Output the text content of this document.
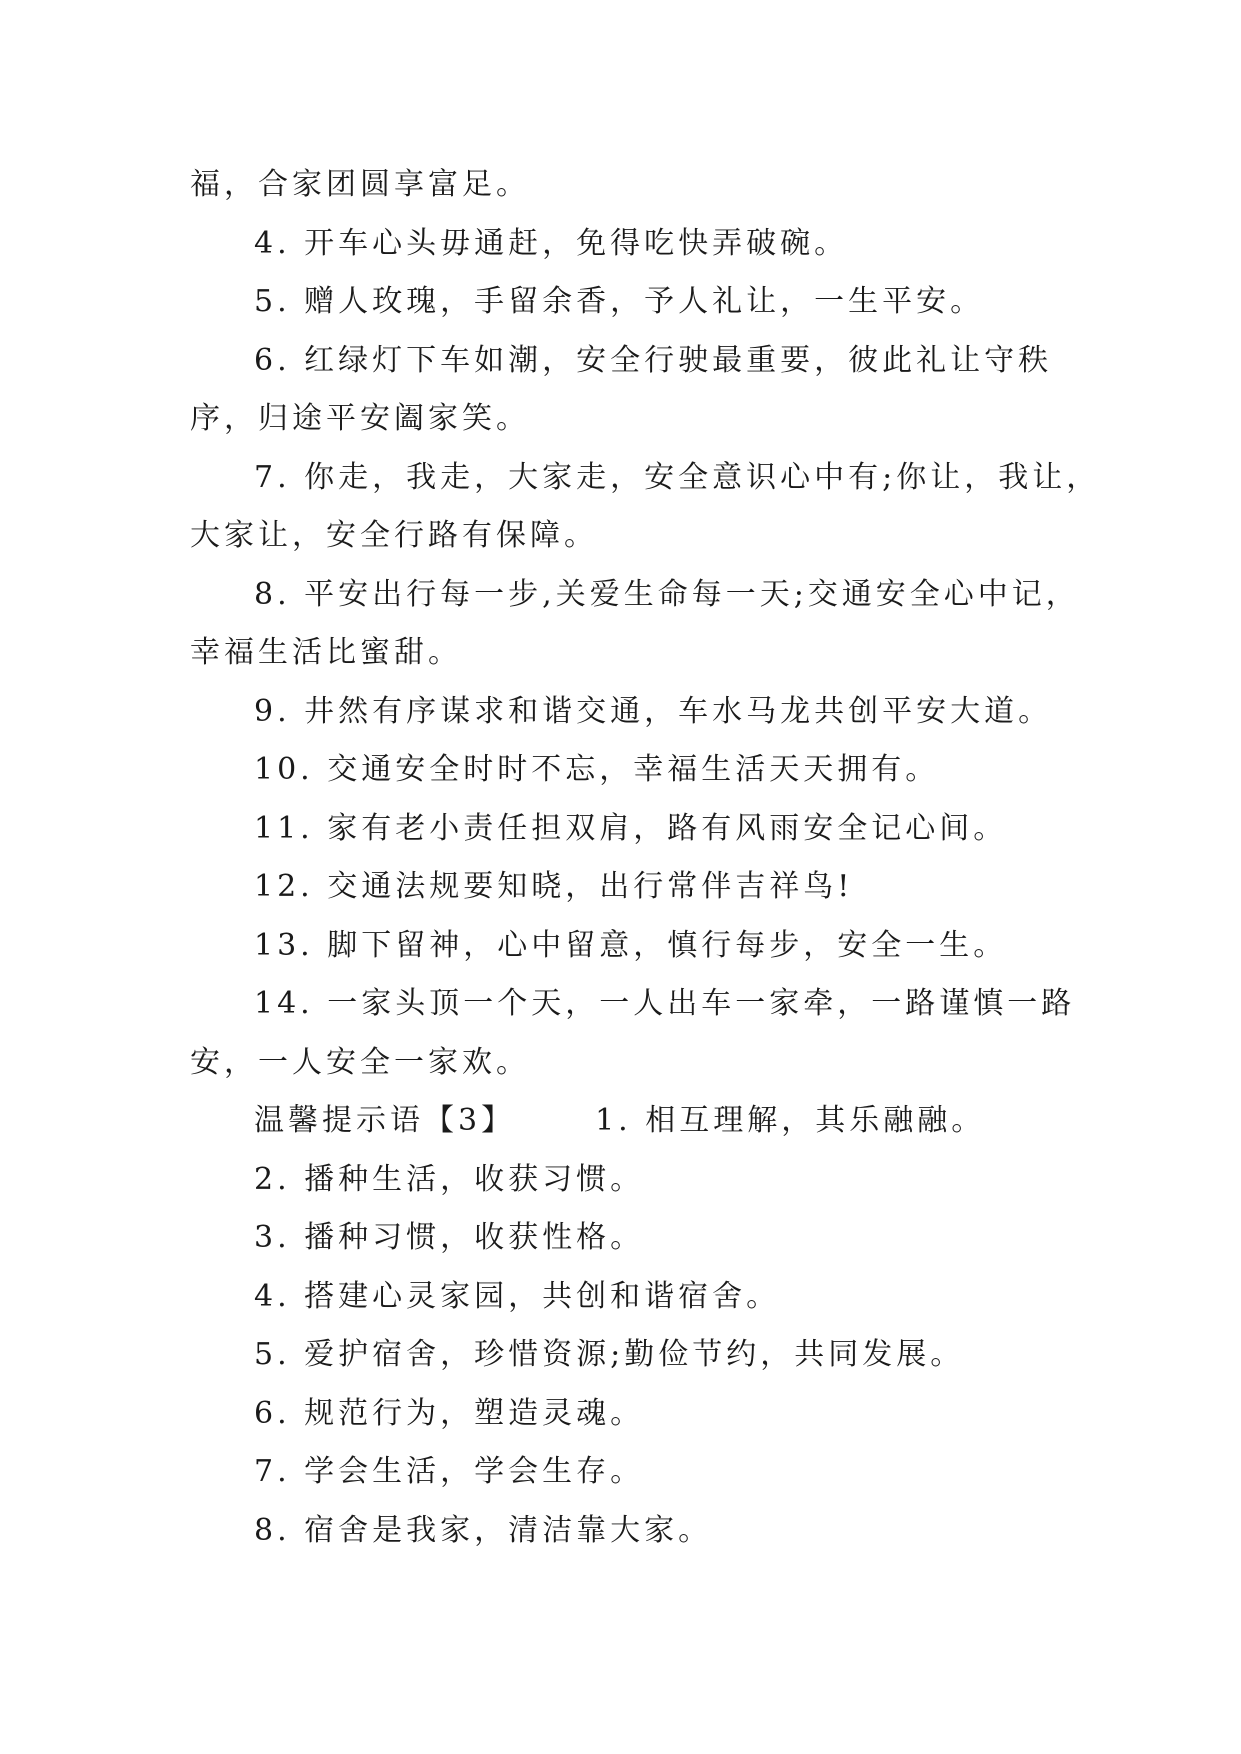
福，合家团圆享富足。
4. 开车心头毋通赶，免得吃快弄破碗。
5. 赠人玫瑰，手留余香，予人礼让，一生平安。
6. 红绿灯下车如潮，安全行驶最重要，彼此礼让守秩
序，归途平安阖家笑。
7. 你走，我走，大家走，安全意识心中有;你让，我让，
大家让，安全行路有保障。
8. 平安出行每一步,关爱生命每一天;交通安全心中记，
幸福生活比蜜甜。
9. 井然有序谋求和谐交通，车水马龙共创平安大道。
10. 交通安全时时不忘，幸福生活天天拥有。
11. 家有老小责任担双肩，路有风雨安全记心间。
12. 交通法规要知晓，出行常伴吉祥鸟!
13. 脚下留神，心中留意，慎行每步，安全一生。
14. 一家头顶一个天，一人出车一家牵，一路谨慎一路
安，一人安全一家欢。
温馨提示语【3】	1. 相互理解，其乐融融。
2. 播种生活，收获习惯。
3. 播种习惯，收获性格。
4. 搭建心灵家园，共创和谐宿舍。
5. 爱护宿舍，珍惜资源;勤俭节约，共同发展。
6. 规范行为，塑造灵魂。
7. 学会生活，学会生存。
8. 宿舍是我家，清洁靠大家。
